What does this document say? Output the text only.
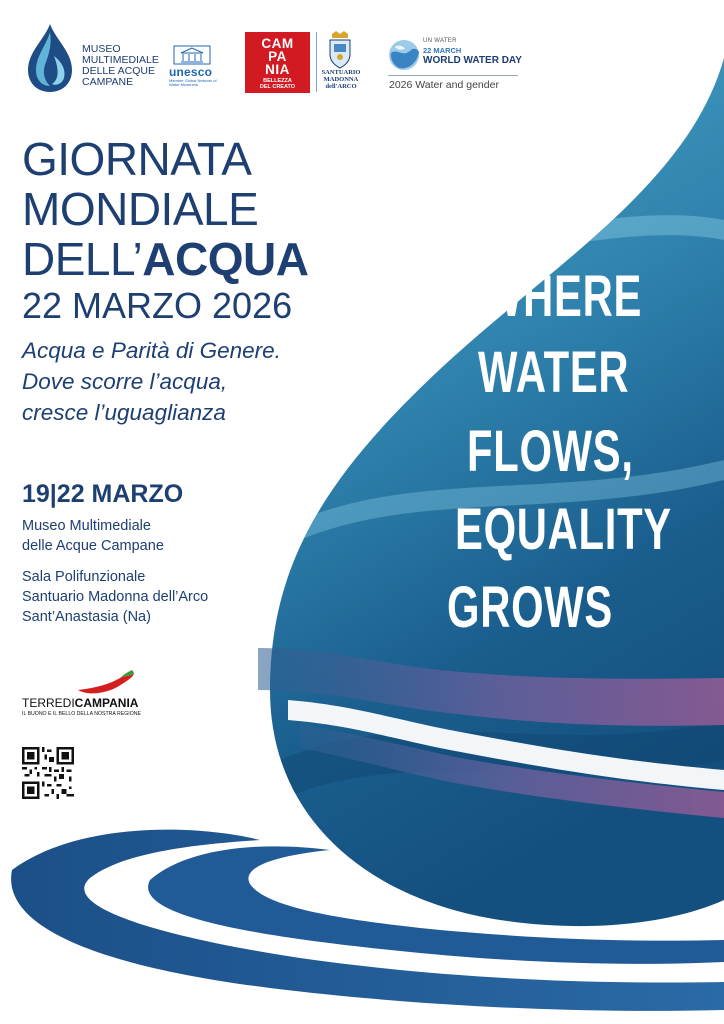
MUSEO
MULTIMEDIALE
DELLE ACQUE
CAMPANE
unesco
Member Global Network of Water Museums
CAM
PA
NIA
BELLEZZA
DEL CREATO
SANTUARIO
MADONNA
dell'ARCO
UN WATER
22 MARCH
WORLD WATER DAY
2026 Water and gender
GIORNATA
MONDIALE
DELL’ACQUA
22 MARZO 2026
Acqua e Parità di Genere.
Dove scorre l’acqua,
cresce l’uguaglianza
19|22 MARZO
Museo Multimediale
delle Acque Campane
Sala Polifunzionale
Santuario Madonna dell’Arco
Sant’Anastasia (Na)
TERREDICAMPANIA
IL BUONO E IL BELLO DELLA NOSTRA REGIONE
WHERE
WATER
FLOWS,
EQUALITY
GROWS
